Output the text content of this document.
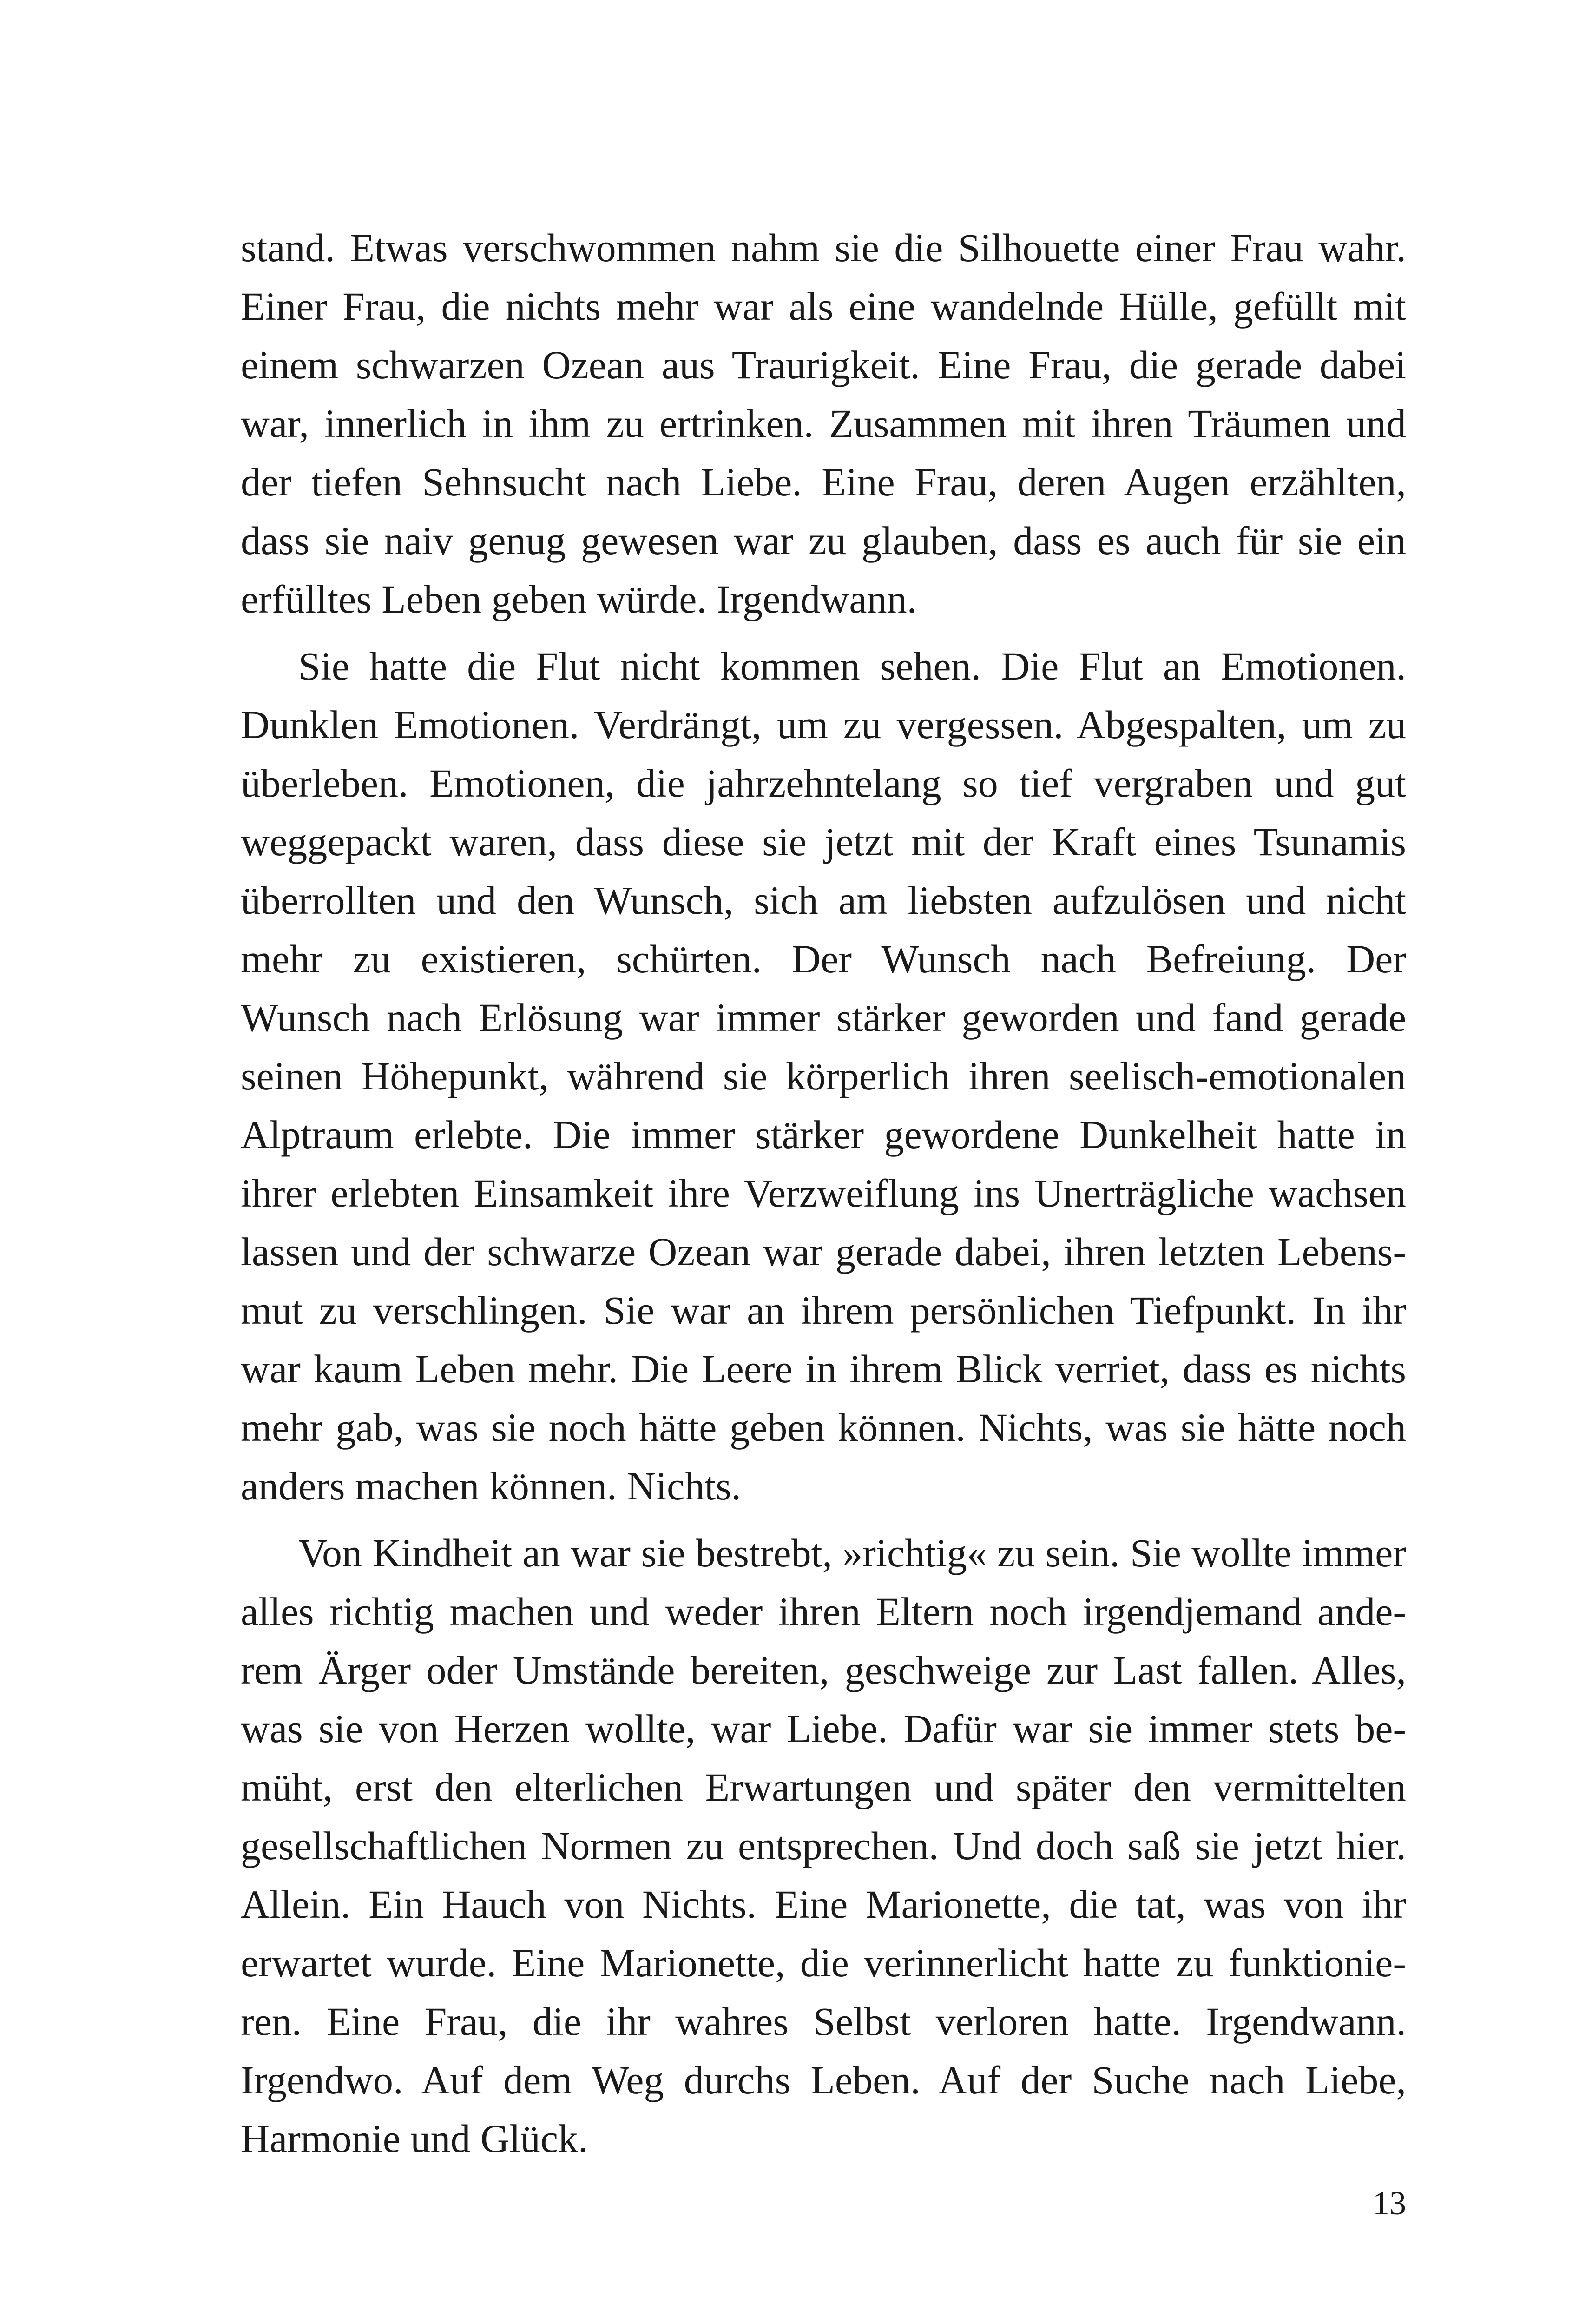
stand. Etwas verschwommen nahm sie die Silhouette einer Frau wahr.
Einer Frau, die nichts mehr war als eine wandelnde Hülle, gefüllt mit
einem schwarzen Ozean aus Traurigkeit. Eine Frau, die gerade dabei
war, innerlich in ihm zu ertrinken. Zusammen mit ihren Träumen und
der tiefen Sehnsucht nach Liebe. Eine Frau, deren Augen erzählten,
dass sie naiv genug gewesen war zu glauben, dass es auch für sie ein
erfülltes Leben geben würde. Irgendwann.
Sie hatte die Flut nicht kommen sehen. Die Flut an Emotionen.
Dunklen Emotionen. Verdrängt, um zu vergessen. Abgespalten, um zu
überleben. Emotionen, die jahrzehntelang so tief vergraben und gut
weggepackt waren, dass diese sie jetzt mit der Kraft eines Tsunamis
überrollten und den Wunsch, sich am liebsten aufzulösen und nicht
mehr zu existieren, schürten. Der Wunsch nach Befreiung. Der
Wunsch nach Erlösung war immer stärker geworden und fand gerade
seinen Höhepunkt, während sie körperlich ihren seelisch-emotionalen
Alptraum erlebte. Die immer stärker gewordene Dunkelheit hatte in
ihrer erlebten Einsamkeit ihre Verzweiflung ins Unerträgliche wachsen
lassen und der schwarze Ozean war gerade dabei, ihren letzten Lebens-
mut zu verschlingen. Sie war an ihrem persönlichen Tiefpunkt. In ihr
war kaum Leben mehr. Die Leere in ihrem Blick verriet, dass es nichts
mehr gab, was sie noch hätte geben können. Nichts, was sie hätte noch
anders machen können. Nichts.
Von Kindheit an war sie bestrebt, »richtig« zu sein. Sie wollte immer
alles richtig machen und weder ihren Eltern noch irgendjemand ande-
rem Ärger oder Umstände bereiten, geschweige zur Last fallen. Alles,
was sie von Herzen wollte, war Liebe. Dafür war sie immer stets be-
müht, erst den elterlichen Erwartungen und später den vermittelten
gesellschaftlichen Normen zu entsprechen. Und doch saß sie jetzt hier.
Allein. Ein Hauch von Nichts. Eine Marionette, die tat, was von ihr
erwartet wurde. Eine Marionette, die verinnerlicht hatte zu funktionie-
ren. Eine Frau, die ihr wahres Selbst verloren hatte. Irgendwann.
Irgendwo. Auf dem Weg durchs Leben. Auf der Suche nach Liebe,
Harmonie und Glück.
13
